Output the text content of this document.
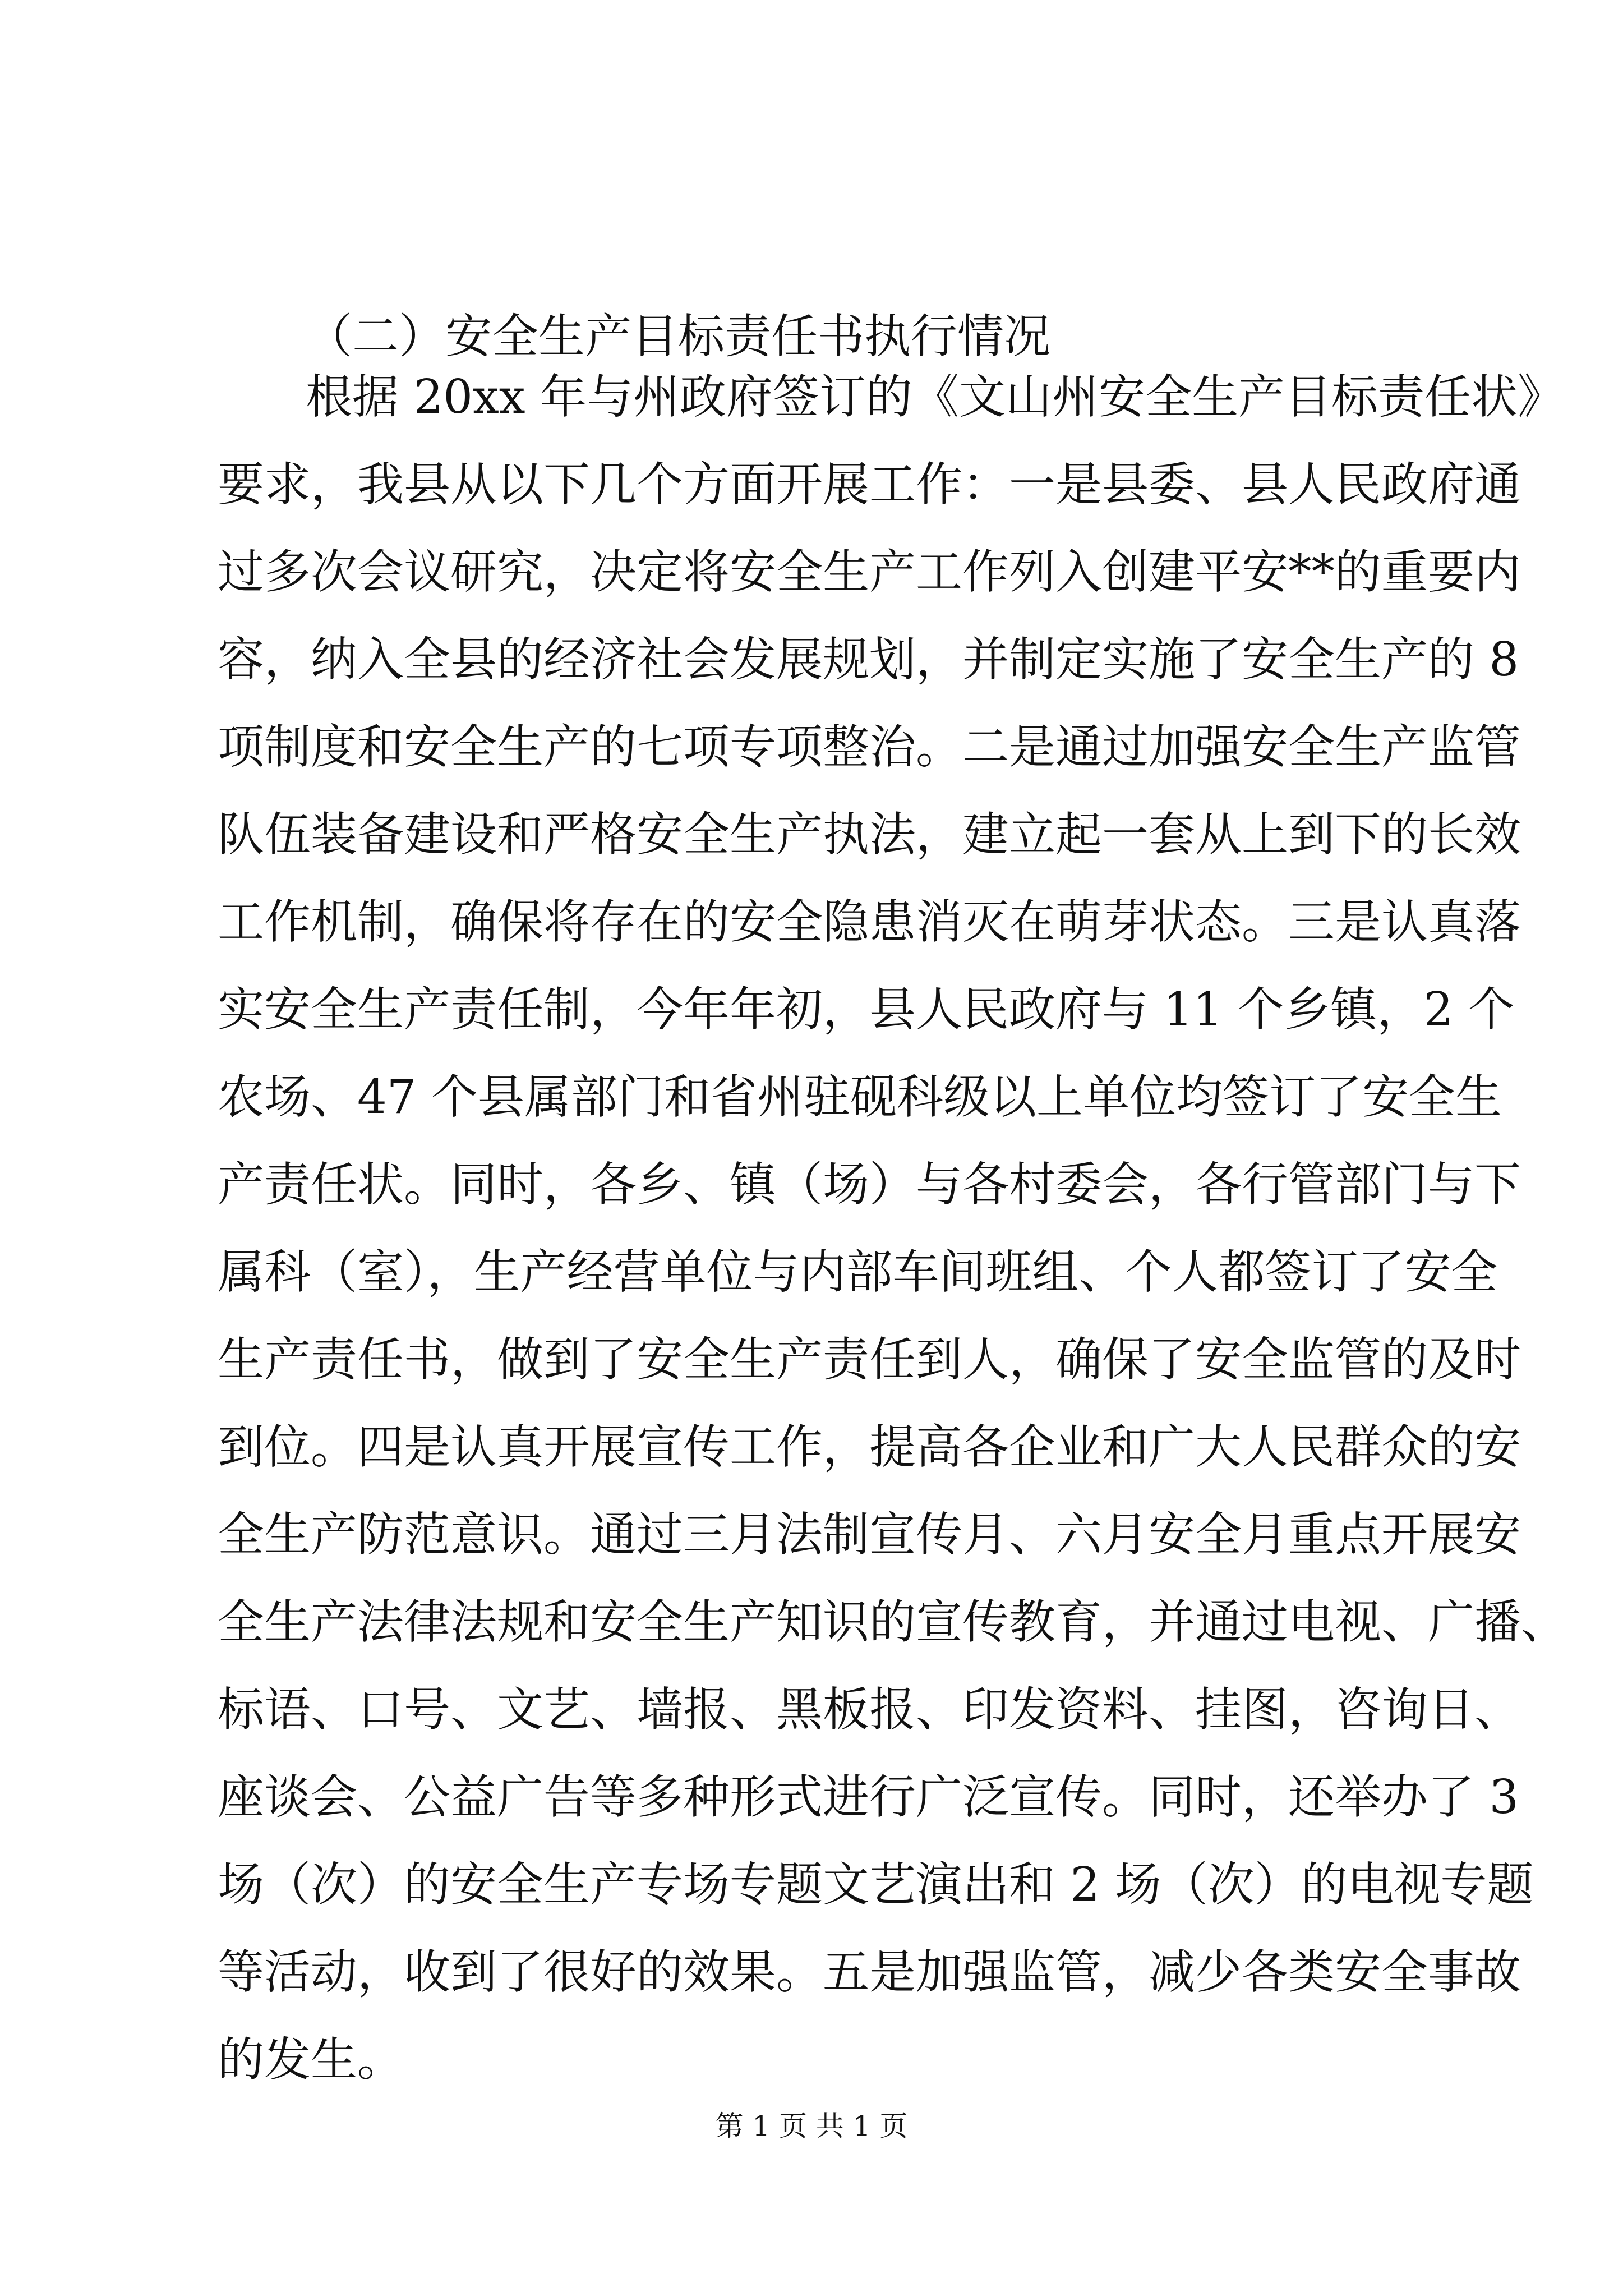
（二）安全生产目标责任书执行情况
根据 20xx 年与州政府签订的《文山州安全生产目标责任状》
要求，我县从以下几个方面开展工作：一是县委、县人民政府通
过多次会议研究，决定将安全生产工作列入创建平安**的重要内
容，纳入全县的经济社会发展规划，并制定实施了安全生产的 8
项制度和安全生产的七项专项整治。二是通过加强安全生产监管
队伍装备建设和严格安全生产执法，建立起一套从上到下的长效
工作机制，确保将存在的安全隐患消灭在萌芽状态。三是认真落
实安全生产责任制，今年年初，县人民政府与 11 个乡镇，2 个
农场、47 个县属部门和省州驻砚科级以上单位均签订了安全生
产责任状。同时，各乡、镇（场）与各村委会，各行管部门与下
属科（室），生产经营单位与内部车间班组、个人都签订了安全
生产责任书，做到了安全生产责任到人，确保了安全监管的及时
到位。四是认真开展宣传工作，提高各企业和广大人民群众的安
全生产防范意识。通过三月法制宣传月、六月安全月重点开展安
全生产法律法规和安全生产知识的宣传教育，并通过电视、广播、
标语、口号、文艺、墙报、黑板报、印发资料、挂图，咨询日、
座谈会、公益广告等多种形式进行广泛宣传。同时，还举办了 3
场（次）的安全生产专场专题文艺演出和 2 场（次）的电视专题
等活动，收到了很好的效果。五是加强监管，减少各类安全事故
的发生。

第 1 页 共 1 页
